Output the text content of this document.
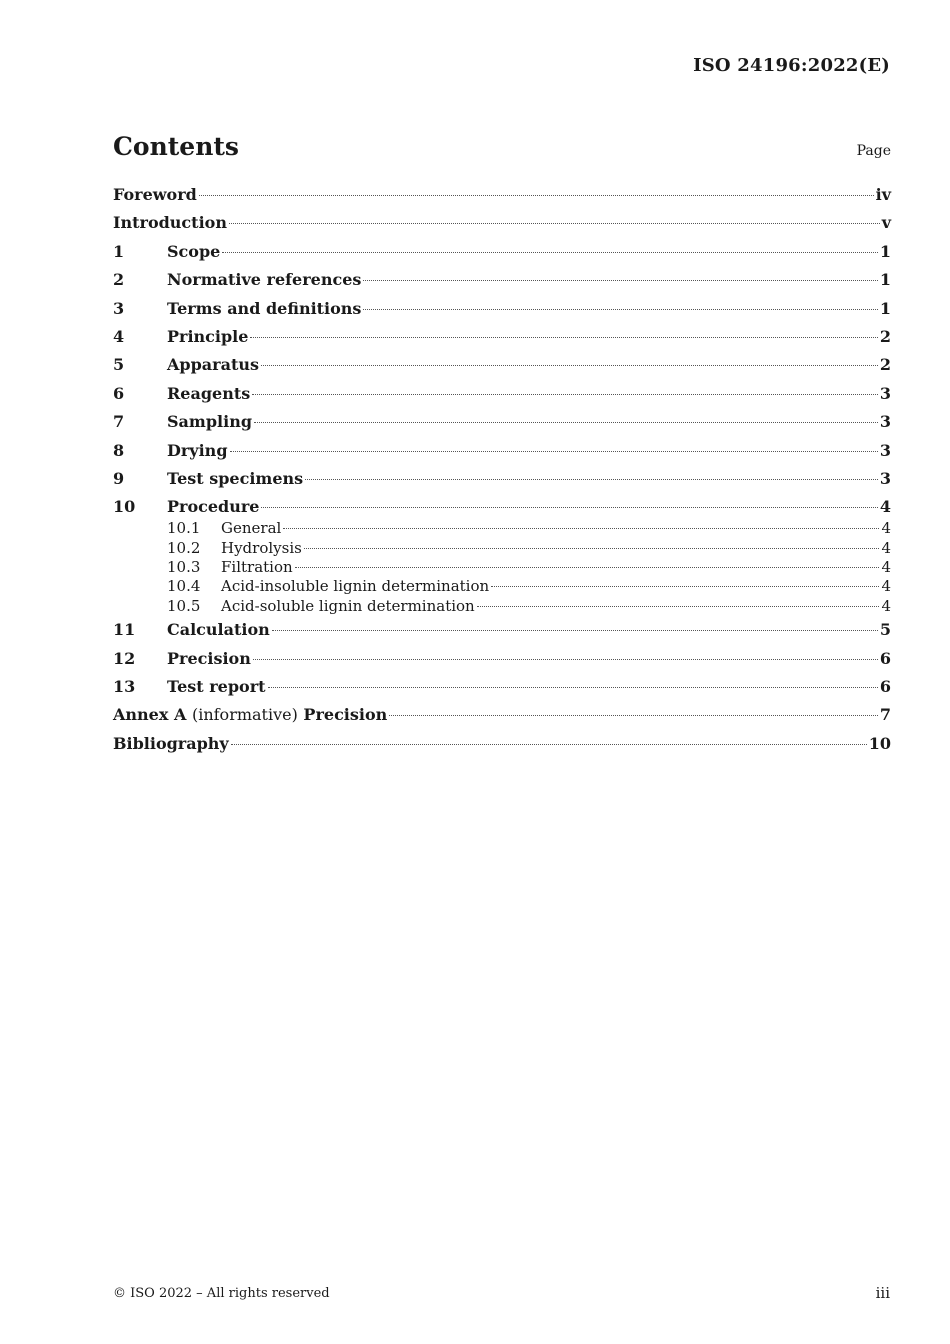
ISO 24196:2022(E)
Contents	Page
Foreword	iv
Introduction	v
1	Scope	1
2	Normative references	1
3	Terms and definitions	1
4	Principle	2
5	Apparatus	2
6	Reagents	3
7	Sampling	3
8	Drying	3
9	Test specimens	3
10	Procedure	4
10.1	General	4
10.2	Hydrolysis	4
10.3	Filtration	4
10.4	Acid-insoluble lignin determination	4
10.5	Acid-soluble lignin determination	4
11	Calculation	5
12	Precision	6
13	Test report	6
Annex A (informative) Precision	7
Bibliography	10
© ISO 2022 – All rights reserved	iii
